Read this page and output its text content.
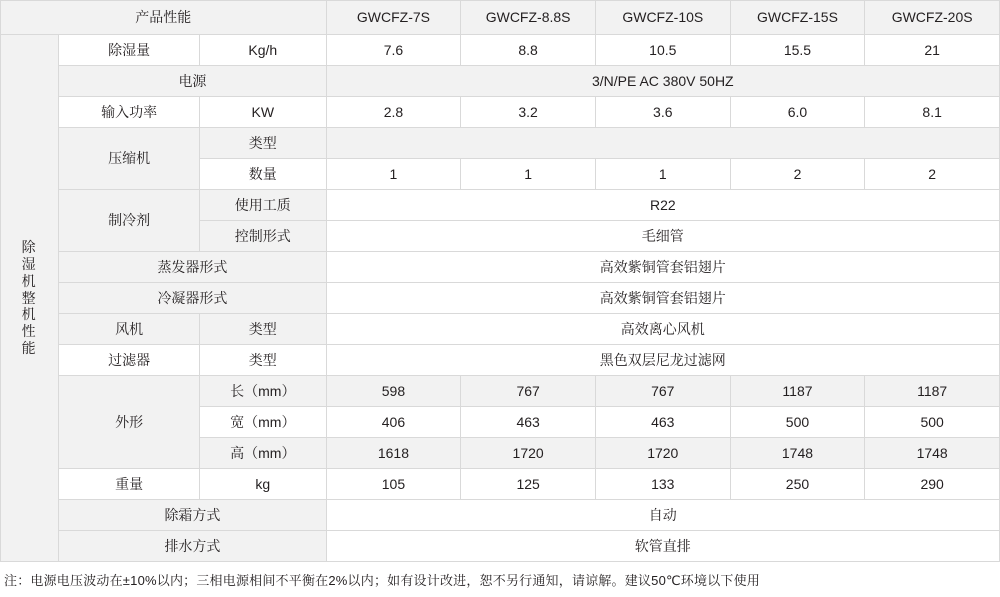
产品性能			GWCFZ-7S	GWCFZ-8.8S	GWCFZ-10S	GWCFZ-15S	GWCFZ-20S

除湿机整机性能	除湿量	Kg/h	7.6	8.8	10.5	15.5	21
	电源		3/N/PE AC 380V 50HZ				
	输入功率	KW	2.8	3.2	3.6	6.0	8.1
	压缩机	类型					
		数量	1	1	1	2	2
	制冷剂	使用工质	R22				
		控制形式	毛细管				
	蒸发器形式		高效紫铜管套铝翅片				
	冷凝器形式		高效紫铜管套铝翅片				
	风机	类型	高效离心风机				
	过滤器	类型	黑色双层尼龙过滤网				
	外形	长（mm）	598	767	767	1187	1187
		宽（mm）	406	463	463	500	500
		高（mm）	1618	1720	1720	1748	1748
	重量	kg	105	125	133	250	290
	除霜方式		自动				
	排水方式		软管直排				
注：电源电压波动在±10%以内；三相电源相间不平衡在2%以内；如有设计改进，恕不另行通知，请谅解。建议50℃环境以下使用
